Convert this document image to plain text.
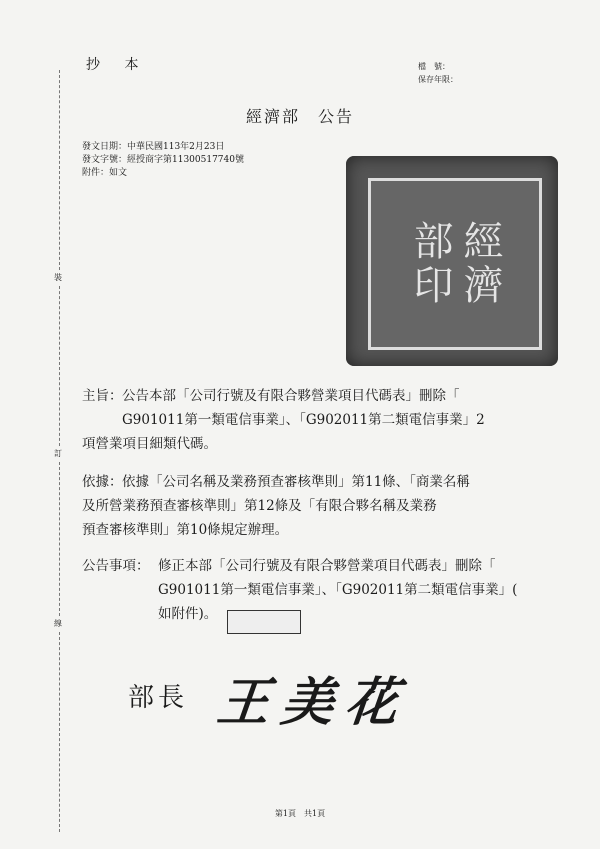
抄 本	檔　號：
保存年限：
經濟部　公告
發文日期：中華民國113年2月23日
發文字號：經授商字第11300517740號
附件：如文
裝
訂
線
經濟
部印
主旨： 公告本部「公司行號及有限合夥營業項目代碼表」刪除「
G901011第一類電信事業」、「G902011第二類電信事業」2
項營業項目細類代碼。
依據： 依據「公司名稱及業務預查審核準則」第11條、「商業名稱
及所營業務預查審核準則」第12條及「有限合夥名稱及業務
預查審核準則」第10條規定辦理。
公告事項： 修正本部「公司行號及有限合夥營業項目代碼表」刪除「
G901011第一類電信事業」、「G902011第二類電信事業」(
如附件)。
部長 王美花
第1頁　共1頁
